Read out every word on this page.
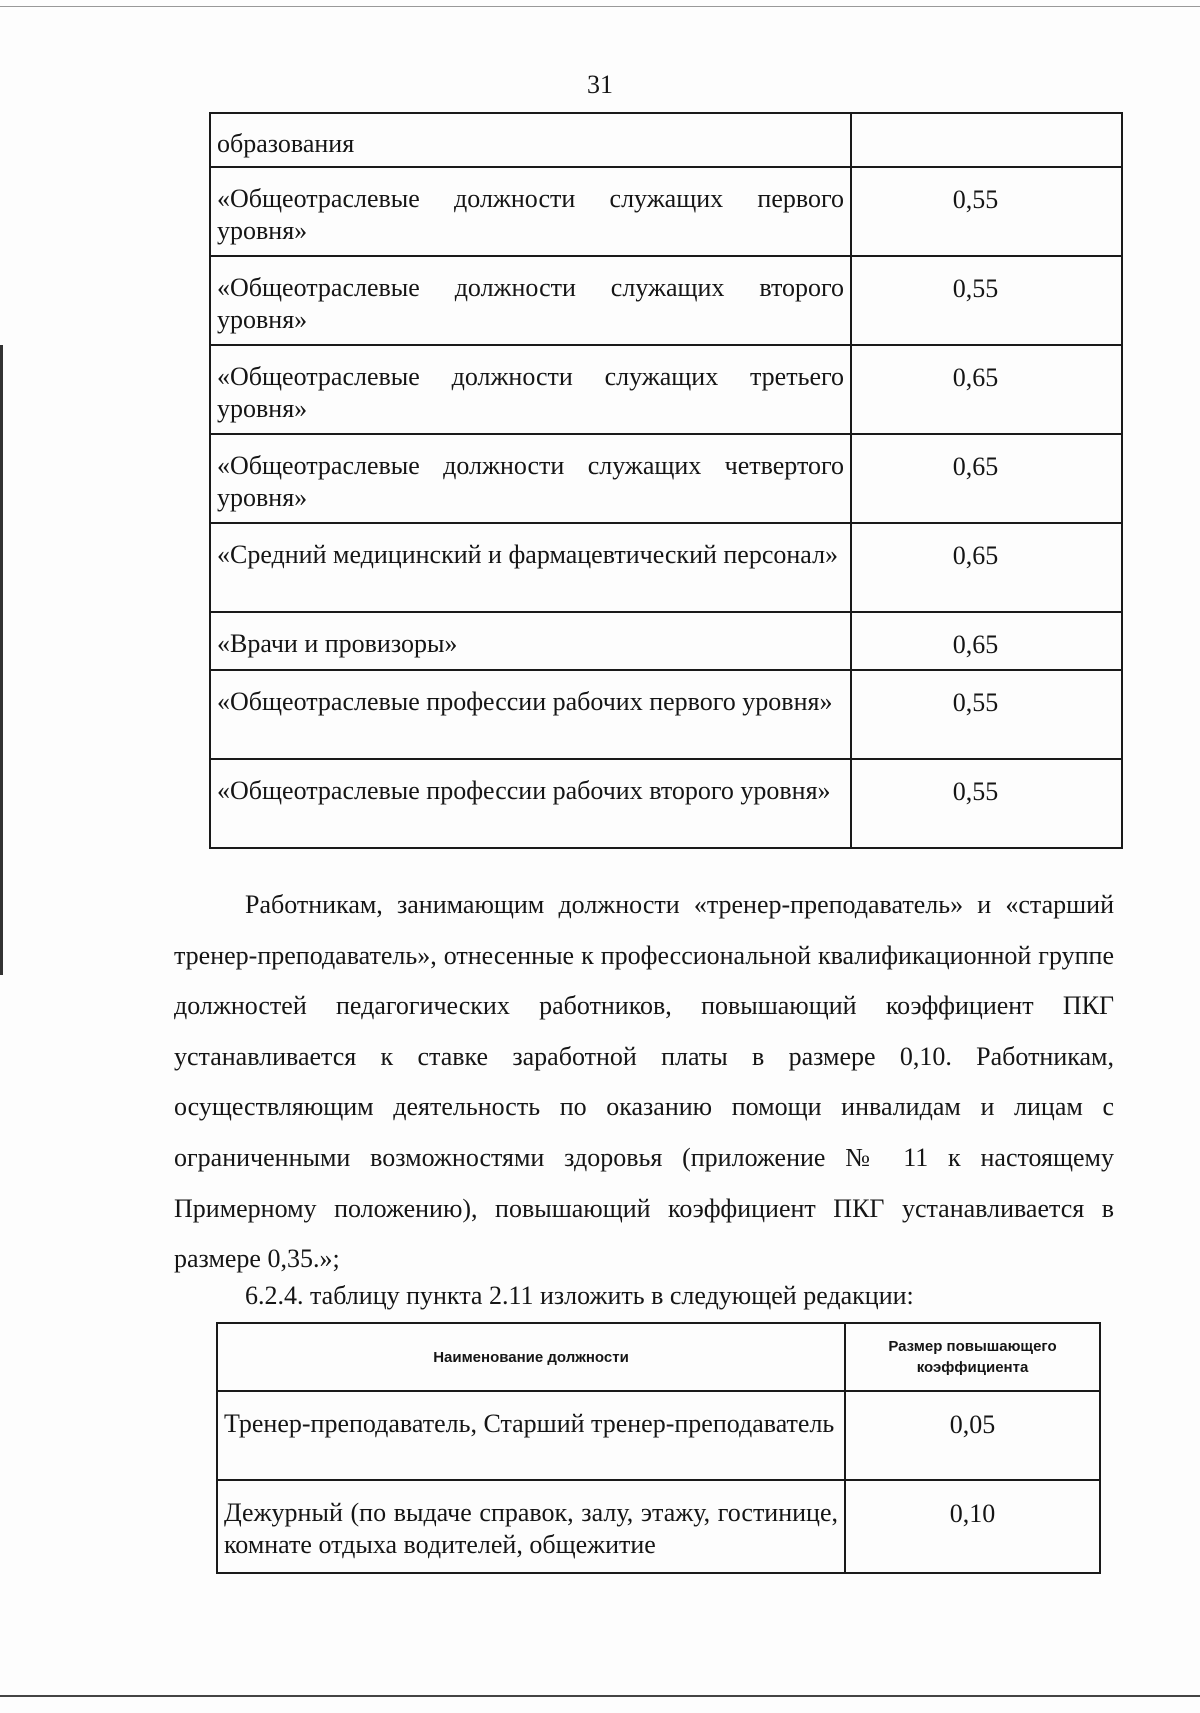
31
образования	
«Общеотраслевые должности служащих первого уровня»	0,55
«Общеотраслевые должности служащих второго уровня»	0,55
«Общеотраслевые должности служащих третьего уровня»	0,65
«Общеотраслевые должности служащих четвертого уровня»	0,65
«Средний медицинский и фармацевтический персонал»	0,65
«Врачи и провизоры»	0,65
«Общеотраслевые профессии рабочих первого уровня»	0,55
«Общеотраслевые профессии рабочих второго уровня»	0,55
Работникам, занимающим должности «тренер-преподаватель» и «старший тренер-преподаватель», отнесенные к профессиональной квалификационной группе должностей педагогических работников, повышающий коэффициент ПКГ устанавливается к ставке заработной платы в размере 0,10. Работникам, осуществляющим деятельность по оказанию помощи инвалидам и лицам с ограниченными возможностями здоровья (приложение № 11 к настоящему Примерному положению), повышающий коэффициент ПКГ устанавливается в размере 0,35.»;
6.2.4. таблицу пункта 2.11 изложить в следующей редакции:
Наименование должности	Размер повышающего коэффициента
Тренер-преподаватель, Старший тренер-преподаватель	0,05
Дежурный (по выдаче справок, залу, этажу, гостинице, комнате отдыха водителей, общежитие	0,10
